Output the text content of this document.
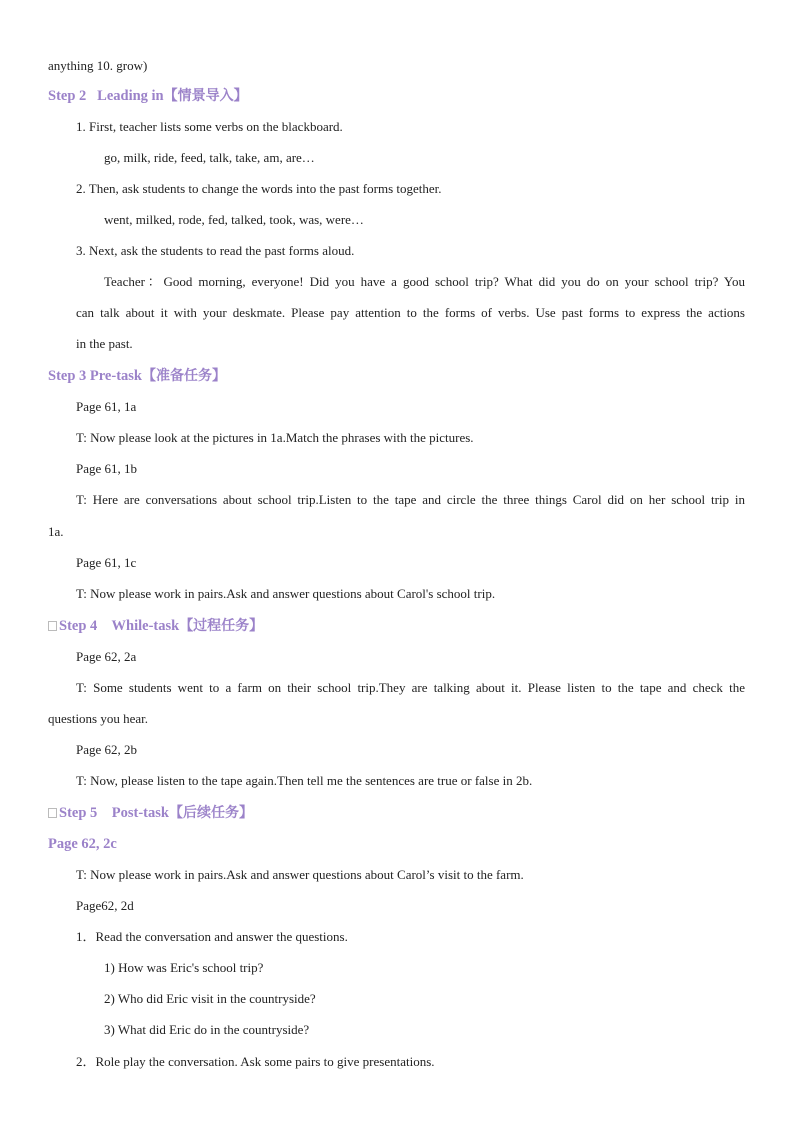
anything 10. grow)
Step 2   Leading in【情景导入】
1. First, teacher lists some verbs on the blackboard.
go, milk, ride, feed, talk, take, am, are…
2. Then, ask students to change the words into the past forms together.
went, milked, rode, fed, talked, took, was, were…
3. Next, ask the students to read the past forms aloud.
Teacher：Good morning, everyone! Did you have a good school trip? What did you do on your school trip? You
can talk about it with your deskmate. Please pay attention to the forms of verbs. Use past forms to express the actions
in the past.
Step 3 Pre-task【准备任务】
Page 61, 1a
T: Now please look at the pictures in 1a.Match the phrases with the pictures.
Page 61, 1b
T: Here are conversations about school trip.Listen to the tape and circle the three things Carol did on her school trip in
1a.
Page 61, 1c
T: Now please work in pairs.Ask and answer questions about Carol's school trip.
Step 4    While-task【过程任务】
Page 62, 2a
T: Some students went to a farm on their school trip.They are talking about it. Please listen to the tape and check the
questions you hear.
Page 62, 2b
T: Now, please listen to the tape again.Then tell me the sentences are true or false in 2b.
Step 5    Post-task【后续任务】
Page 62, 2c
T: Now please work in pairs.Ask and answer questions about Carol’s visit to the farm.
Page62, 2d
1．Read the conversation and answer the questions.
1) How was Eric's school trip?
2) Who did Eric visit in the countryside?
3) What did Eric do in the countryside?
2．Role play the conversation. Ask some pairs to give presentations.
